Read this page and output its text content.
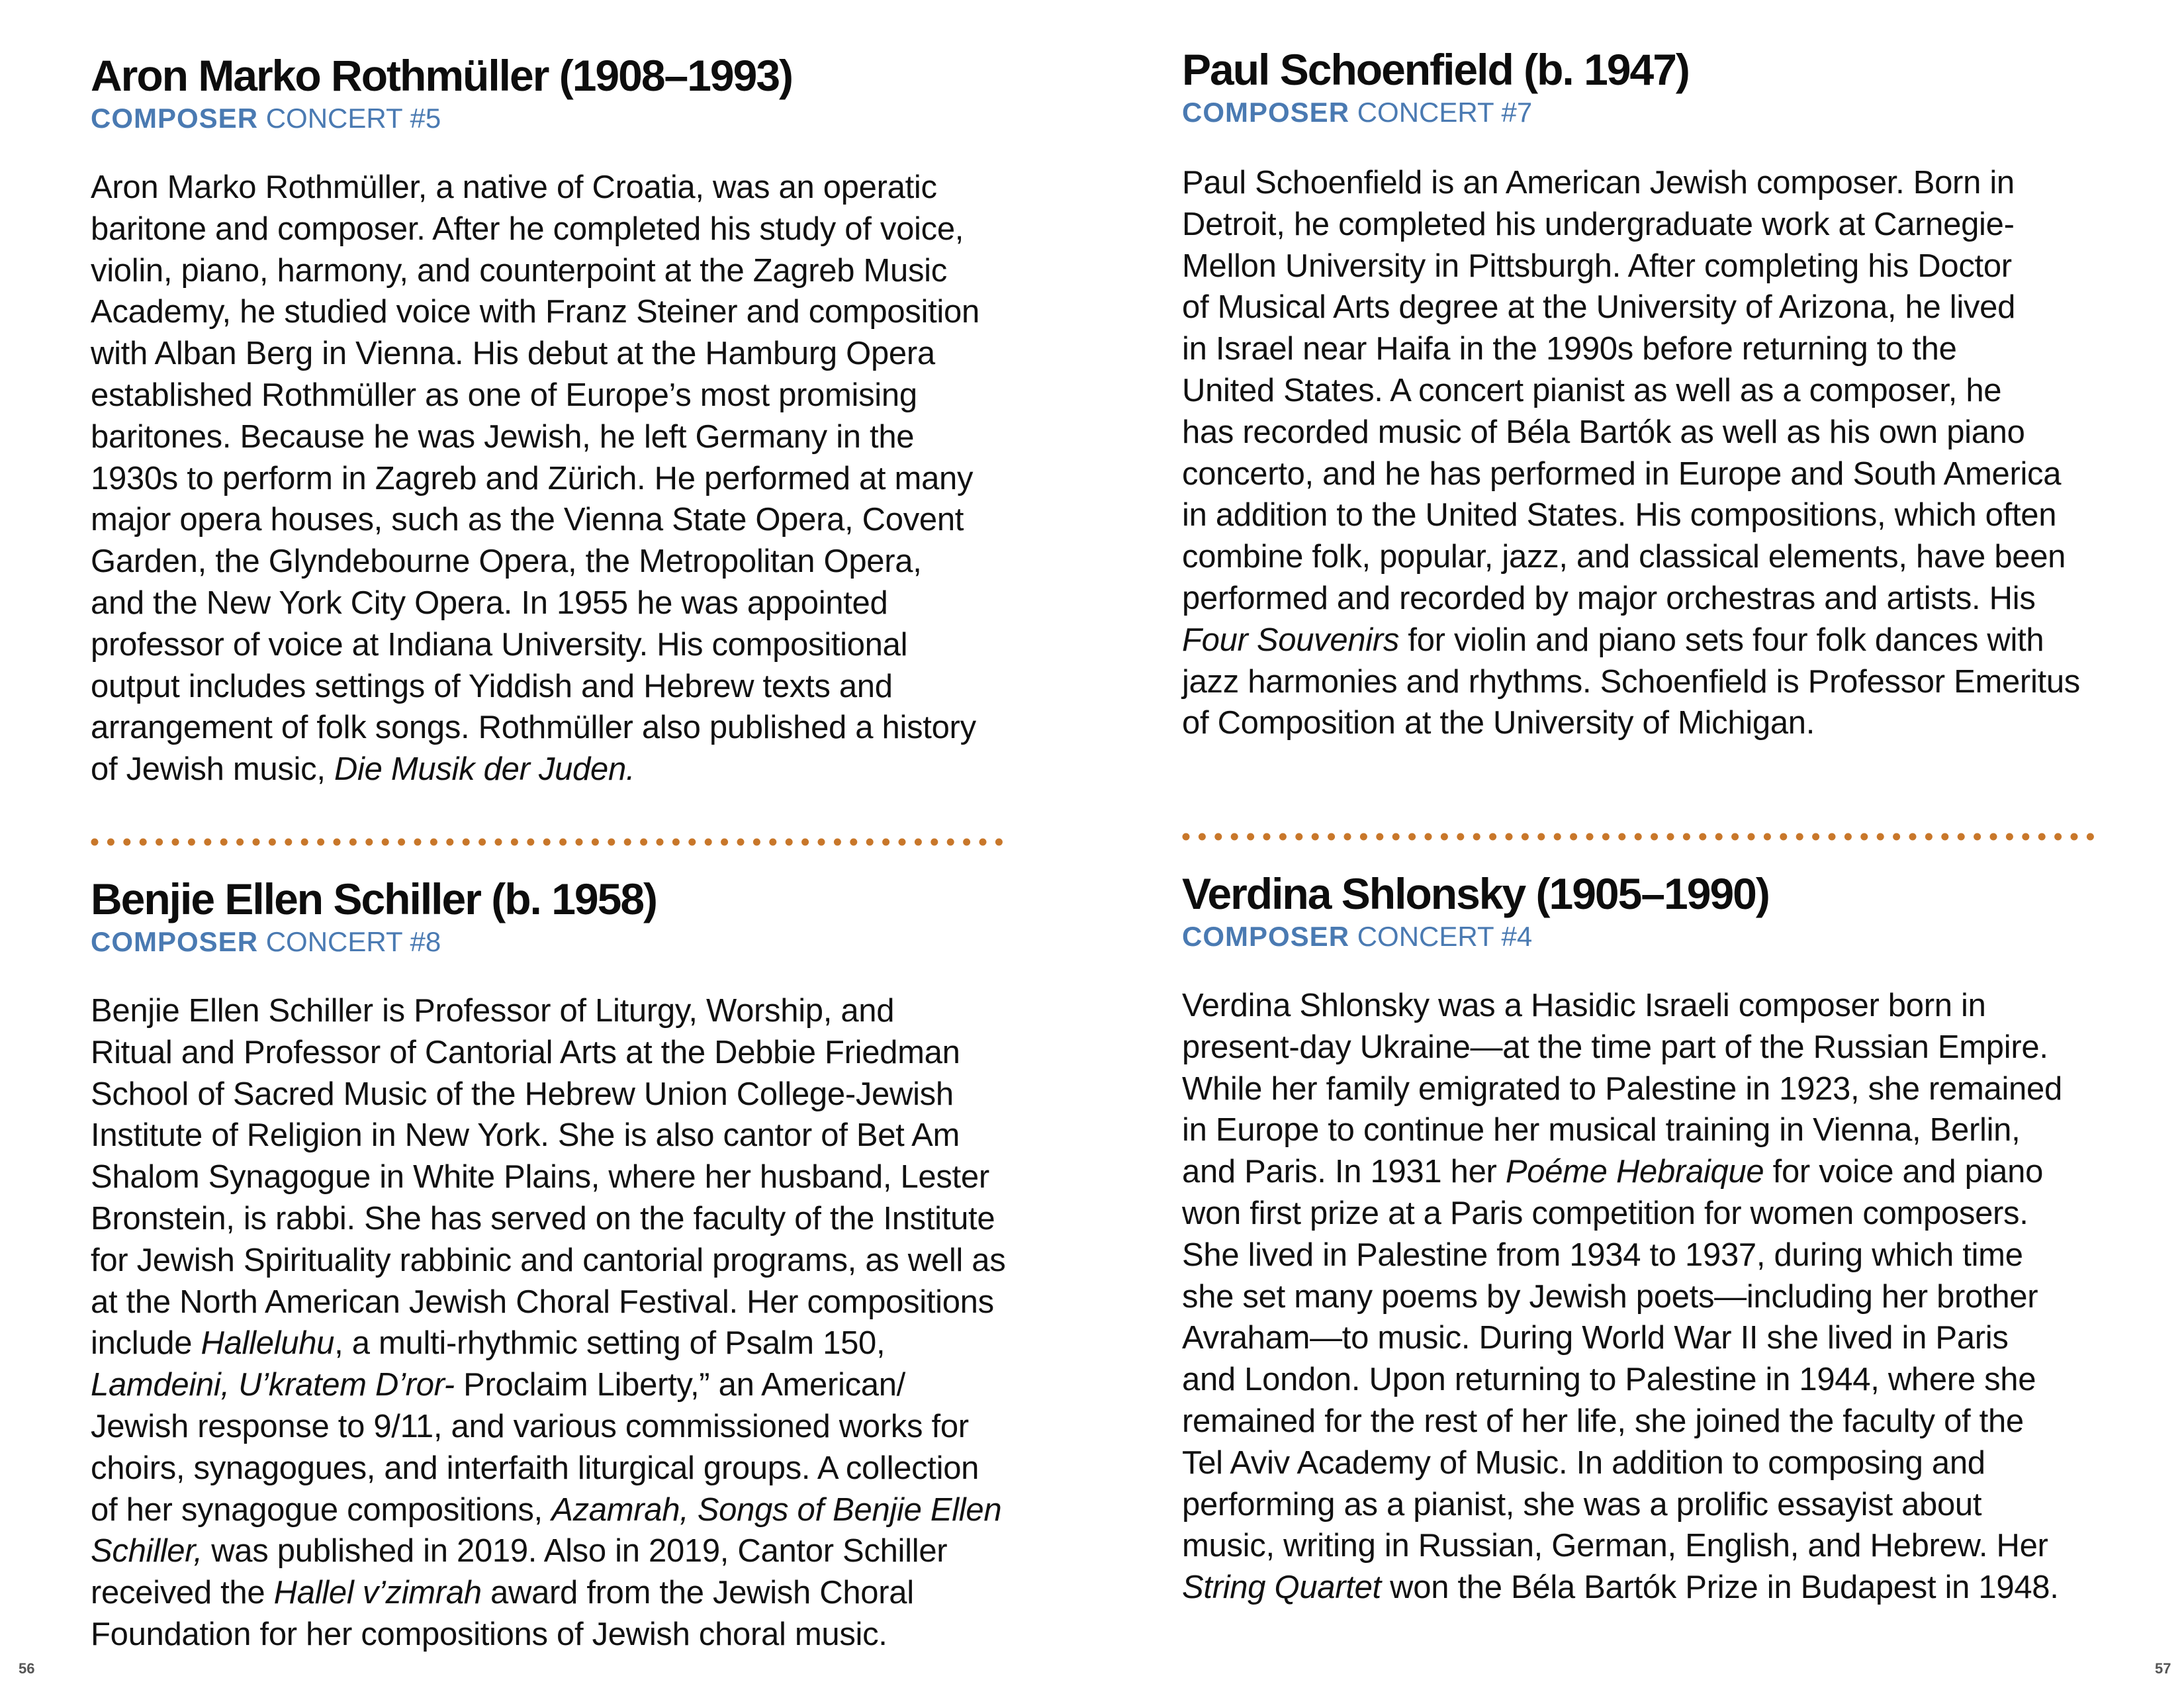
Aron Marko Rothmüller (1908–1993)

COMPOSER CONCERT #5

Aron Marko Rothmüller, a native of Croatia, was an operatic
baritone and composer. After he completed his study of voice,
violin, piano, harmony, and counterpoint at the Zagreb Music
Academy, he studied voice with Franz Steiner and composition
with Alban Berg in Vienna. His debut at the Hamburg Opera
established Rothmüller as one of Europe’s most promising
baritones. Because he was Jewish, he left Germany in the
1930s to perform in Zagreb and Zürich. He performed at many
major opera houses, such as the Vienna State Opera, Covent
Garden, the Glyndebourne Opera, the Metropolitan Opera,
and the New York City Opera. In 1955 he was appointed
professor of voice at Indiana University. His compositional
output includes settings of Yiddish and Hebrew texts and
arrangement of folk songs. Rothmüller also published a history
of Jewish music, Die Musik der Juden.

Paul Schoenfield (b. 1947)

COMPOSER CONCERT #7

Paul Schoenfield is an American Jewish composer. Born in
Detroit, he completed his undergraduate work at Carnegie-
Mellon University in Pittsburgh. After completing his Doctor
of Musical Arts degree at the University of Arizona, he lived
in Israel near Haifa in the 1990s before returning to the
United States. A concert pianist as well as a composer, he
has recorded music of Béla Bartók as well as his own piano
concerto, and he has performed in Europe and South America
in addition to the United States. His compositions, which often
combine folk, popular, jazz, and classical elements, have been
performed and recorded by major orchestras and artists. His
Four Souvenirs for violin and piano sets four folk dances with
jazz harmonies and rhythms. Schoenfield is Professor Emeritus
of Composition at the University of Michigan.

Benjie Ellen Schiller (b. 1958)

COMPOSER CONCERT #8

Benjie Ellen Schiller is Professor of Liturgy, Worship, and
Ritual and Professor of Cantorial Arts at the Debbie Friedman
School of Sacred Music of the Hebrew Union College-Jewish
Institute of Religion in New York. She is also cantor of Bet Am
Shalom Synagogue in White Plains, where her husband, Lester
Bronstein, is rabbi. She has served on the faculty of the Institute
for Jewish Spirituality rabbinic and cantorial programs, as well as
at the North American Jewish Choral Festival. Her compositions
include Halleluhu, a multi-rhythmic setting of Psalm 150,
Lamdeini, U’kratem D’ror- Proclaim Liberty,” an American/
Jewish response to 9/11, and various commissioned works for
choirs, synagogues, and interfaith liturgical groups. A collection
of her synagogue compositions, Azamrah, Songs of Benjie Ellen
Schiller, was published in 2019. Also in 2019, Cantor Schiller
received the Hallel v’zimrah award from the Jewish Choral
Foundation for her compositions of Jewish choral music.

Verdina Shlonsky (1905–1990)

COMPOSER CONCERT #4

Verdina Shlonsky was a Hasidic Israeli composer born in
present-day Ukraine—at the time part of the Russian Empire.
While her family emigrated to Palestine in 1923, she remained
in Europe to continue her musical training in Vienna, Berlin,
and Paris. In 1931 her Poéme Hebraique for voice and piano
won first prize at a Paris competition for women composers.
She lived in Palestine from 1934 to 1937, during which time
she set many poems by Jewish poets—including her brother
Avraham—to music. During World War II she lived in Paris
and London. Upon returning to Palestine in 1944, where she
remained for the rest of her life, she joined the faculty of the
Tel Aviv Academy of Music. In addition to composing and
performing as a pianist, she was a prolific essayist about
music, writing in Russian, German, English, and Hebrew. Her
String Quartet won the Béla Bartók Prize in Budapest in 1948.

56	57
